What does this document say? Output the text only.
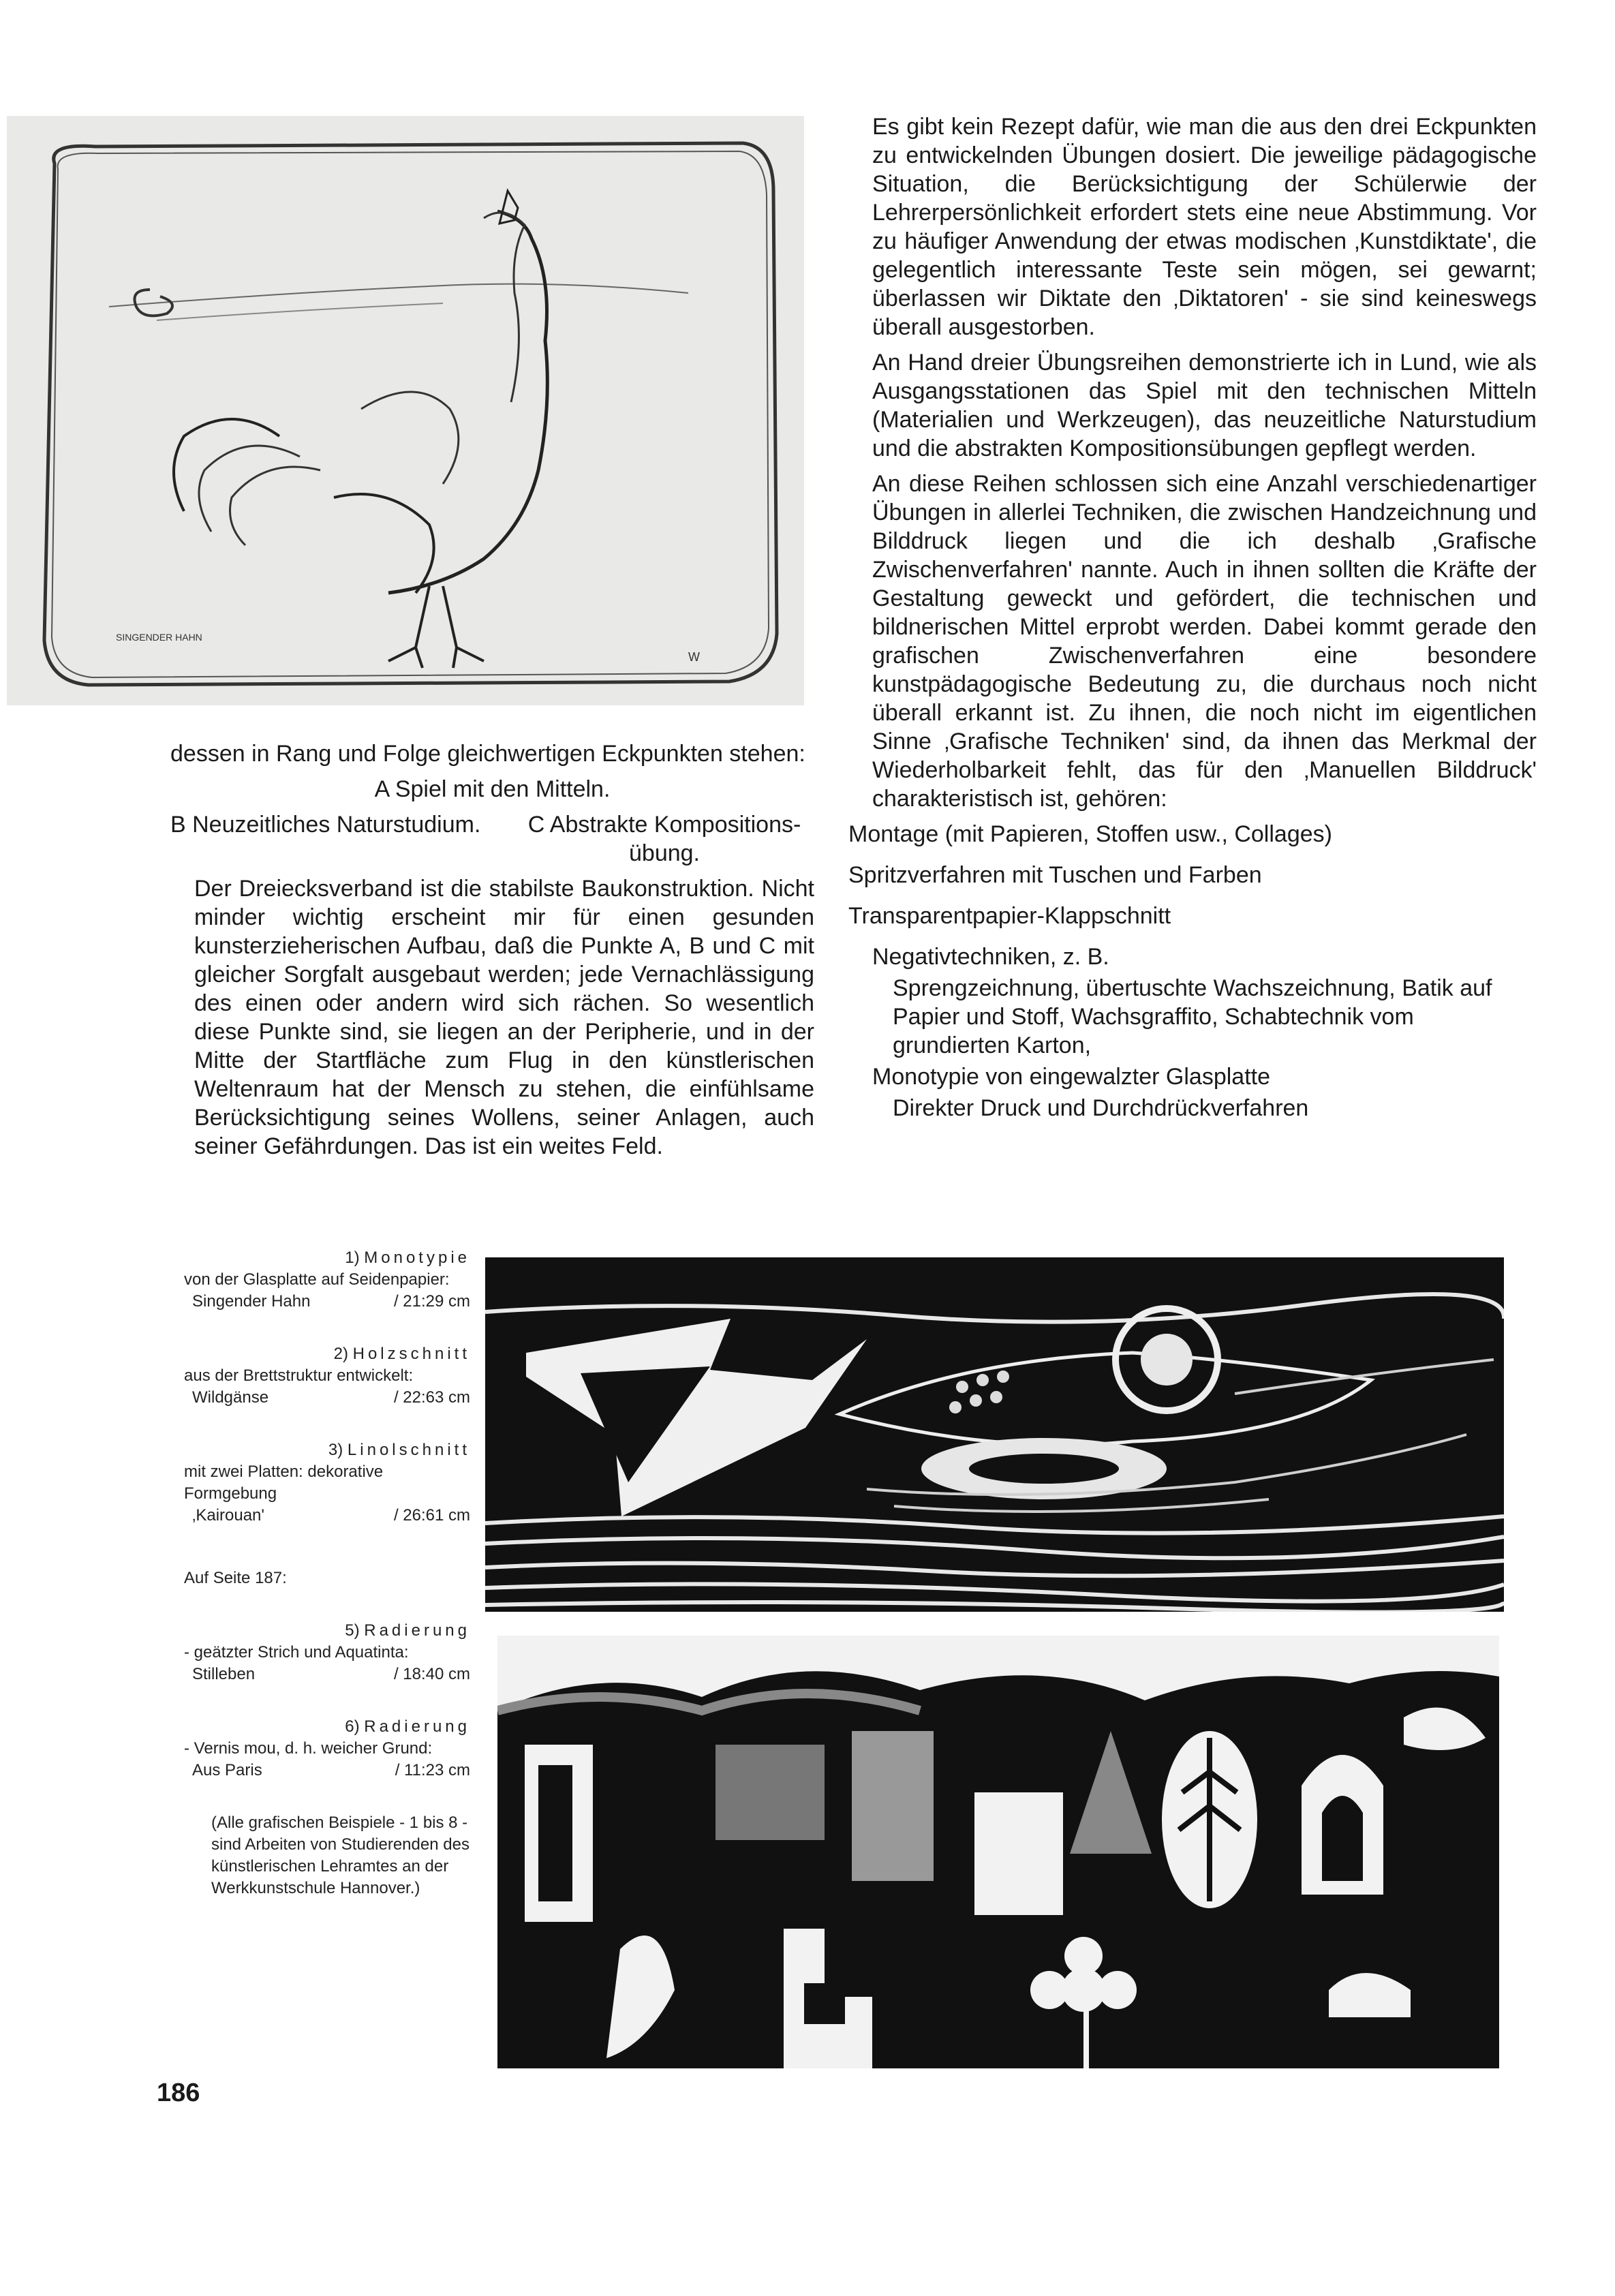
SINGENDER HAHN
W

dessen in Rang und Folge gleichwertigen Eckpunkten stehen:

A Spiel mit den Mitteln.

B Neuzeitliches Naturstudium.	C Abstrakte Kompositions-übung.

Der Dreiecksverband ist die stabilste Baukonstruktion. Nicht minder wichtig erscheint mir für einen gesunden kunsterzieherischen Aufbau, daß die Punkte A, B und C mit gleicher Sorgfalt ausgebaut werden; jede Vernachlässigung des einen oder andern wird sich rächen. So wesentlich diese Punkte sind, sie liegen an der Peripherie, und in der Mitte der Startfläche zum Flug in den künstlerischen Weltenraum hat der Mensch zu stehen, die einfühlsame Berücksichtigung seines Wollens, seiner Anlagen, auch seiner Gefährdungen. Das ist ein weites Feld.

Es gibt kein Rezept dafür, wie man die aus den drei Eckpunkten zu entwickelnden Übungen dosiert. Die jeweilige pädagogische Situation, die Berücksichtigung der Schülerwie der Lehrerpersönlichkeit erfordert stets eine neue Abstimmung. Vor zu häufiger Anwendung der etwas modischen ‚Kunstdiktate', die gelegentlich interessante Teste sein mögen, sei gewarnt; überlassen wir Diktate den ‚Diktatoren' - sie sind keineswegs überall ausgestorben.

An Hand dreier Übungsreihen demonstrierte ich in Lund, wie als Ausgangsstationen das Spiel mit den technischen Mitteln (Materialien und Werkzeugen), das neuzeitliche Naturstudium und die abstrakten Kompositionsübungen gepflegt werden.

An diese Reihen schlossen sich eine Anzahl verschiedenartiger Übungen in allerlei Techniken, die zwischen Handzeichnung und Bilddruck liegen und die ich deshalb ‚Grafische Zwischenverfahren' nannte. Auch in ihnen sollten die Kräfte der Gestaltung geweckt und gefördert, die technischen und bildnerischen Mittel erprobt werden. Dabei kommt gerade den grafischen Zwischenverfahren eine besondere kunstpädagogische Bedeutung zu, die durchaus noch nicht überall erkannt ist. Zu ihnen, die noch nicht im eigentlichen Sinne ‚Grafische Techniken' sind, da ihnen das Merkmal der Wiederholbarkeit fehlt, das für den ‚Manuellen Bilddruck' charakteristisch ist, gehören:

Montage (mit Papieren, Stoffen usw., Collages)

Spritzverfahren mit Tuschen und Farben

Transparentpapier-Klappschnitt

Negativtechniken, z. B.

Sprengzeichnung, übertuschte Wachszeichnung, Batik auf Papier und Stoff, Wachsgraffito, Schabtechnik vom grundierten Karton,

Monotypie von eingewalzter Glasplatte

Direkter Druck und Durchdrückverfahren

1) Monotypie
von der Glasplatte auf Seidenpapier:
Singender Hahn	/ 21:29 cm
2) Holzschnitt
aus der Brettstruktur entwickelt:
Wildgänse	/ 22:63 cm
3) Linolschnitt
mit zwei Platten: dekorative Formgebung
‚Kairouan'	/ 26:61 cm
Auf Seite 187:
5) Radierung
- geätzter Strich und Aquatinta:
Stilleben	/ 18:40 cm
6) Radierung
- Vernis mou, d. h. weicher Grund:
Aus Paris	/ 11:23 cm
(Alle grafischen Beispiele - 1 bis 8 - sind Arbeiten von Studierenden des künstlerischen Lehramtes an der Werkkunstschule Hannover.)
186
